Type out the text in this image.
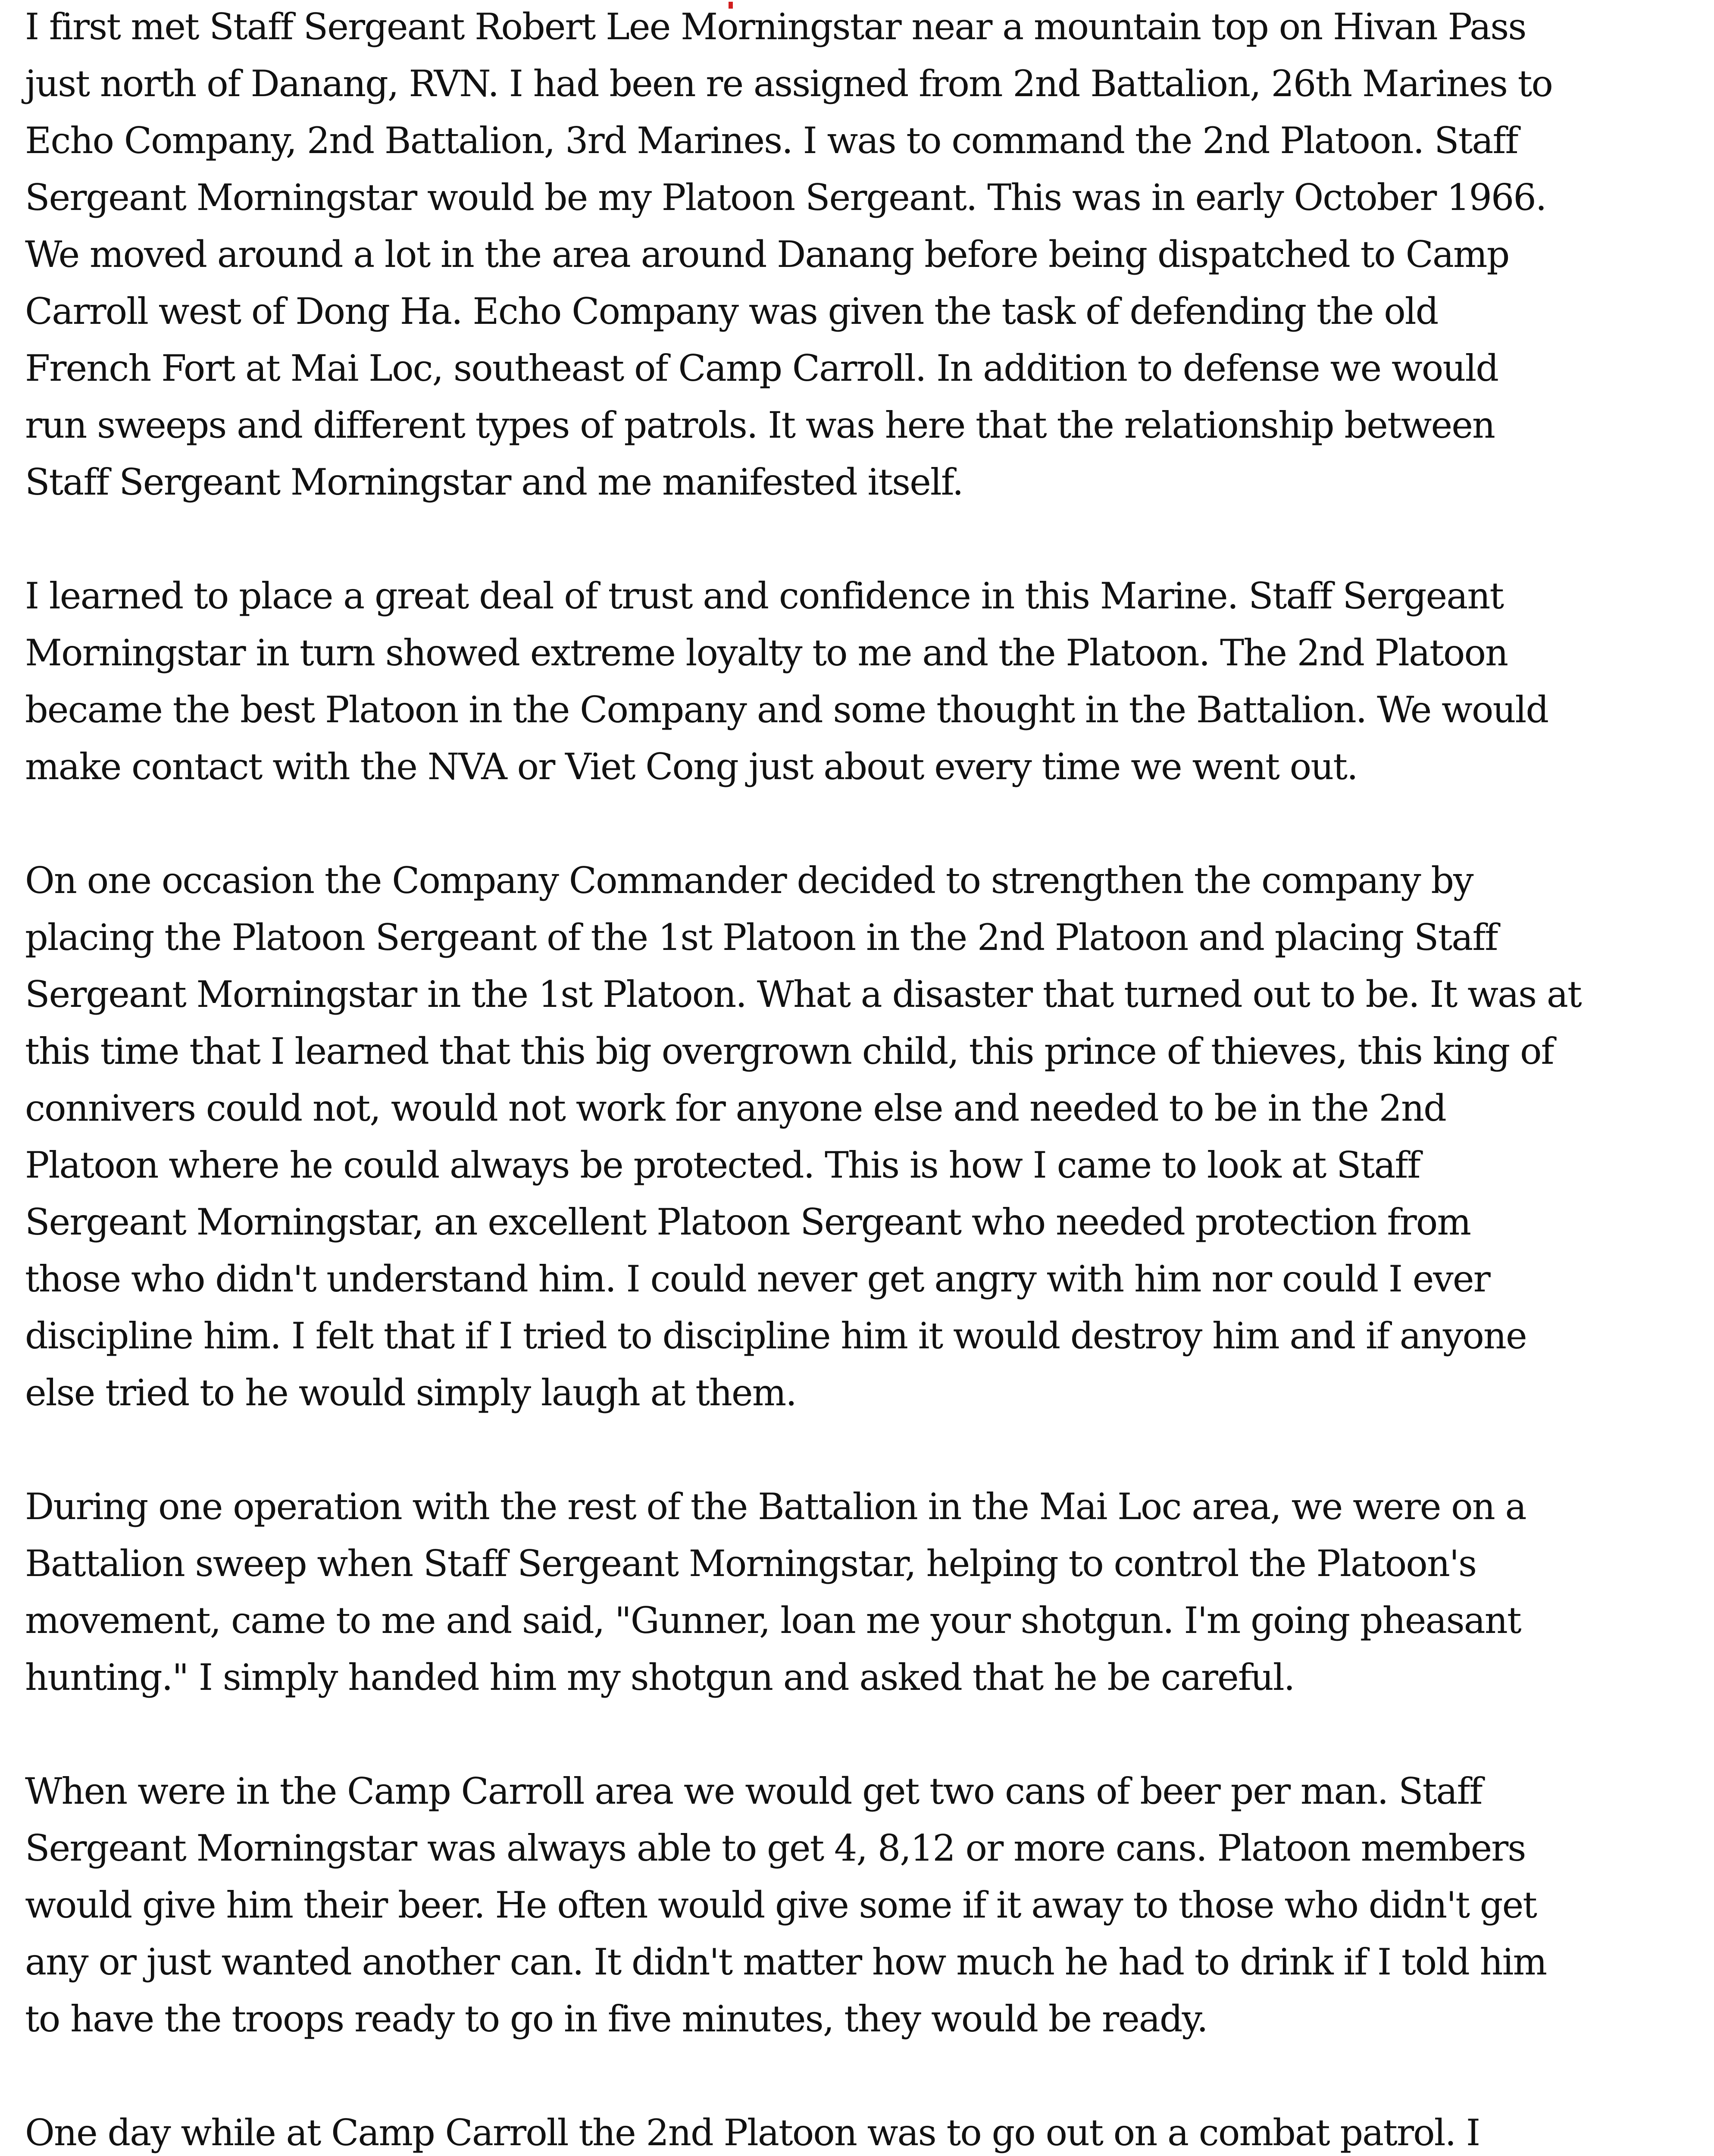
I first met Staff Sergeant Robert Lee Morningstar near a mountain top on Hivan Pass
just north of Danang, RVN. I had been re assigned from 2nd Battalion, 26th Marines to
Echo Company, 2nd Battalion, 3rd Marines. I was to command the 2nd Platoon. Staff
Sergeant Morningstar would be my Platoon Sergeant. This was in early October 1966.
We moved around a lot in the area around Danang before being dispatched to Camp
Carroll west of Dong Ha. Echo Company was given the task of defending the old
French Fort at Mai Loc, southeast of Camp Carroll. In addition to defense we would
run sweeps and different types of patrols. It was here that the relationship between
Staff Sergeant Morningstar and me manifested itself.
I learned to place a great deal of trust and confidence in this Marine. Staff Sergeant
Morningstar in turn showed extreme loyalty to me and the Platoon. The 2nd Platoon
became the best Platoon in the Company and some thought in the Battalion. We would
make contact with the NVA or Viet Cong just about every time we went out.
On one occasion the Company Commander decided to strengthen the company by
placing the Platoon Sergeant of the 1st Platoon in the 2nd Platoon and placing Staff
Sergeant Morningstar in the 1st Platoon. What a disaster that turned out to be. It was at
this time that I learned that this big overgrown child, this prince of thieves, this king of
connivers could not, would not work for anyone else and needed to be in the 2nd
Platoon where he could always be protected. This is how I came to look at Staff
Sergeant Morningstar, an excellent Platoon Sergeant who needed protection from
those who didn't understand him. I could never get angry with him nor could I ever
discipline him. I felt that if I tried to discipline him it would destroy him and if anyone
else tried to he would simply laugh at them.
During one operation with the rest of the Battalion in the Mai Loc area, we were on a
Battalion sweep when Staff Sergeant Morningstar, helping to control the Platoon's
movement, came to me and said, "Gunner, loan me your shotgun. I'm going pheasant
hunting." I simply handed him my shotgun and asked that he be careful.
When were in the Camp Carroll area we would get two cans of beer per man. Staff
Sergeant Morningstar was always able to get 4, 8,12 or more cans. Platoon members
would give him their beer. He often would give some if it away to those who didn't get
any or just wanted another can. It didn't matter how much he had to drink if I told him
to have the troops ready to go in five minutes, they would be ready.
One day while at Camp Carroll the 2nd Platoon was to go out on a combat patrol. I
